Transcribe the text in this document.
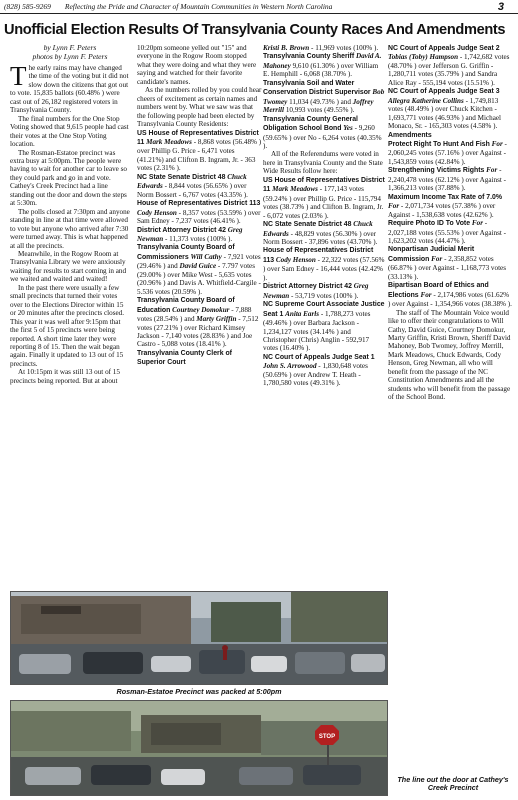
(828) 585-9269 Reflecting the Pride and Character of Mountain Communities in Western North Carolina	3
Unofficial Election Results Of Transylvania County Races And Amendments

by Lynn F. Peters

photos by Lynn F. Peters

The early rains may have changed the time of the voting but it did not slow down the citizens that got out to vote. 15,835 ballots (60.48% ) were cast out of 26,182 registered voters in Transylvania County.

The final numbers for the One Stop Voting showed that 9,615 people had cast their votes at the One Stop Voting location.

The Rosman-Estatoe precinct was extra busy at 5:00pm. The people were having to wait for another car to leave so they could park and go in and vote. Cathey's Creek Precinct had a line standing out the door and down the steps at 5:30m.

The polls closed at 7:30pm and anyone standing in line at that time were allowed to vote but anyone who arrived after 7:30 were turned away. This is what happened at all the precincts.

Meanwhile, in the Rogow Room at Transylvania Library we were anxiously waiting for results to start coming in and we waited and waited and waited!

In the past there were usually a few small precincts that turned their votes over to the Elections Director within 15 or 20 minutes after the precincts closed. This year it was well after 9:15pm that the first 5 of 15 precincts were being reported. A short time later they were reporting 8 of 15. Then the wait began again. Finally it updated to 13 out of 15 precincts.

At 10:15pm it was still 13 out of 15 precincts being reported. But at about

10:20pm someone yelled out "15" and everyone in the Rogow Room stopped what they were doing and what they were saying and watched for their favorite candidate's names.

As the numbers rolled by you could hear cheers of excitement as certain names and numbers went by. What we saw was that the following people had been elected by Transylvania County Residents:

US House of Representatives District 11 Mark Meadows - 8,868 votes (56.48% ) over Phillip G. Price - 6,471 votes (41.21%) and Clifton B. Ingram, Jr. - 363 votes (2.31% ).

NC State Senate District 48 Chuck Edwards - 8,844 votes (56.65% ) over Norm Bossert - 6,767 votes (43.35% ).

House of Representatives District 113 Cody Henson - 8,357 votes (53.59% ) over Sam Edney - 7,237 votes (46.41% ).

District Attorney District 42 Greg Newman - 11,373 votes (100% ).

Transylvania County Board of Commissioners Will Cathy - 7,921 votes (29.46% ) and David Guice - 7.797 votes (29.00% ) over Mike West - 5,635 votes (20.96% ) and Davis A. Whitfield-Cargile - 5.536 votes (20.59% ).

Transylvania County Board of Education Courtney Domokur - 7,888 votes (28.54% ) and Marty Griffin - 7,512 votes (27.21% ) over Richard Kimsey Jackson - 7,140 votes (28.83% ) and Joe Castro - 5,088 votes (18.41% ).

Transylvania County Clerk of Superior Court

Kristi B. Brown - 11,969 votes (100% ).

Transylvania County Sheriff David A. Mahoney 9,610 (61.30% ) over William E. Hemphill - 6,068 (38.70% ).

Transylvania Soil and Water Conservation District Supervisor Bob Twomey 11,034 (49.73% ) and Joffrey Merrill 10,993 votes (49.55% ).

Transylvania County General Obligation School Bond Yes - 9,260 (59.65% ) over No - 6,264 votes (40.35% ).

All of the Referendums were voted in here in Transylvania County and the State Wide Results follow here:

US House of Representatives District 11 Mark Meadows - 177,143 votes (59.24% ) over Phillip G. Price - 115,794 votes (38.73% ) and Clifton B. Ingram, Jr. - 6,072 votes (2.03% ).

NC State Senate District 48 Chuck Edwards - 48,829 votes (56.30% ) over Norm Bossert - 37,896 votes (43.70% ).

House of Representatives District 113 Cody Henson - 22,322 votes (57.56% ) over Sam Edney - 16,444 votes (42.42% ).

District Attorney District 42 Greg Newman - 53,719 votes (100% ).

NC Supreme Court Associate Justice Seat 1 Anita Earls - 1,788,273 votes (49.46% ) over Barbara Jackson - 1,234,127 votes (34.14% ) and Christopher (Chris) Anglin - 592,917 votes (16.40% ).

NC Court of Appeals Judge Seat 1 John S. Arrowood - 1,830,648 votes (50.69% ) over Andrew T. Heath - 1,780,580 votes (49.31% ).

NC Court of Appeals Judge Seat 2 Tobias (Toby) Hampson - 1,742,682 votes (48.70% ) over Jefferson G. Griffin - 1,280,711 votes (35.79% ) and Sandra Alice Ray - 555,194 votes (15.51% ).

NC Court of Appeals Judge Seat 3 Allegra Katherine Collins - 1,749,813 votes (48.49% ) over Chuck Kitchen - 1,693,771 votes (46.93% ) and Michael Monaco, Sr. - 165,303 votes (4.58% ).

Amendments

Protect Right To Hunt And Fish For - 2,060,245 votes (57.16% ) over Against - 1,543,859 votes (42.84% ).

Strengthening Victims Rights For - 2,240,478 votes (62.12% ) over Against - 1,366,213 votes (37.88% ).

Maximum Income Tax Rate of 7.0% For - 2,071,734 votes (57.38% ) over Against - 1,538,638 votes (42.62% ).

Require Photo ID To Vote For - 2,027,188 votes (55.53% ) over Against - 1,623,202 votes (44.47% ).

Nonpartisan Judicial Merit Commission For - 2,358,852 votes (66.87% ) over Against - 1,168,773 votes (33.13% ).

Bipartisan Board of Ethics and Elections For - 2,174,986 votes (61.62% ) over Against - 1,354,966 votes (38.38% ).

The staff of The Mountain Voice would like to offer their congratulations to Will Cathy, David Guice, Courtney Domokur, Marty Griffin, Kristi Brown, Sheriff David Mahoney, Bob Twomey, Joffrey Merrill, Mark Meadows, Chuck Edwards, Cody Henson, Greg Newman, all who will benefit from the passage of the NC Constitution Amendments and all the students who will benefit from the passage of the School Bond.

Rosman-Estatoe Precinct was packed at 5:00pm
STOP
The line out the door at Cathey's Creek Precinct
